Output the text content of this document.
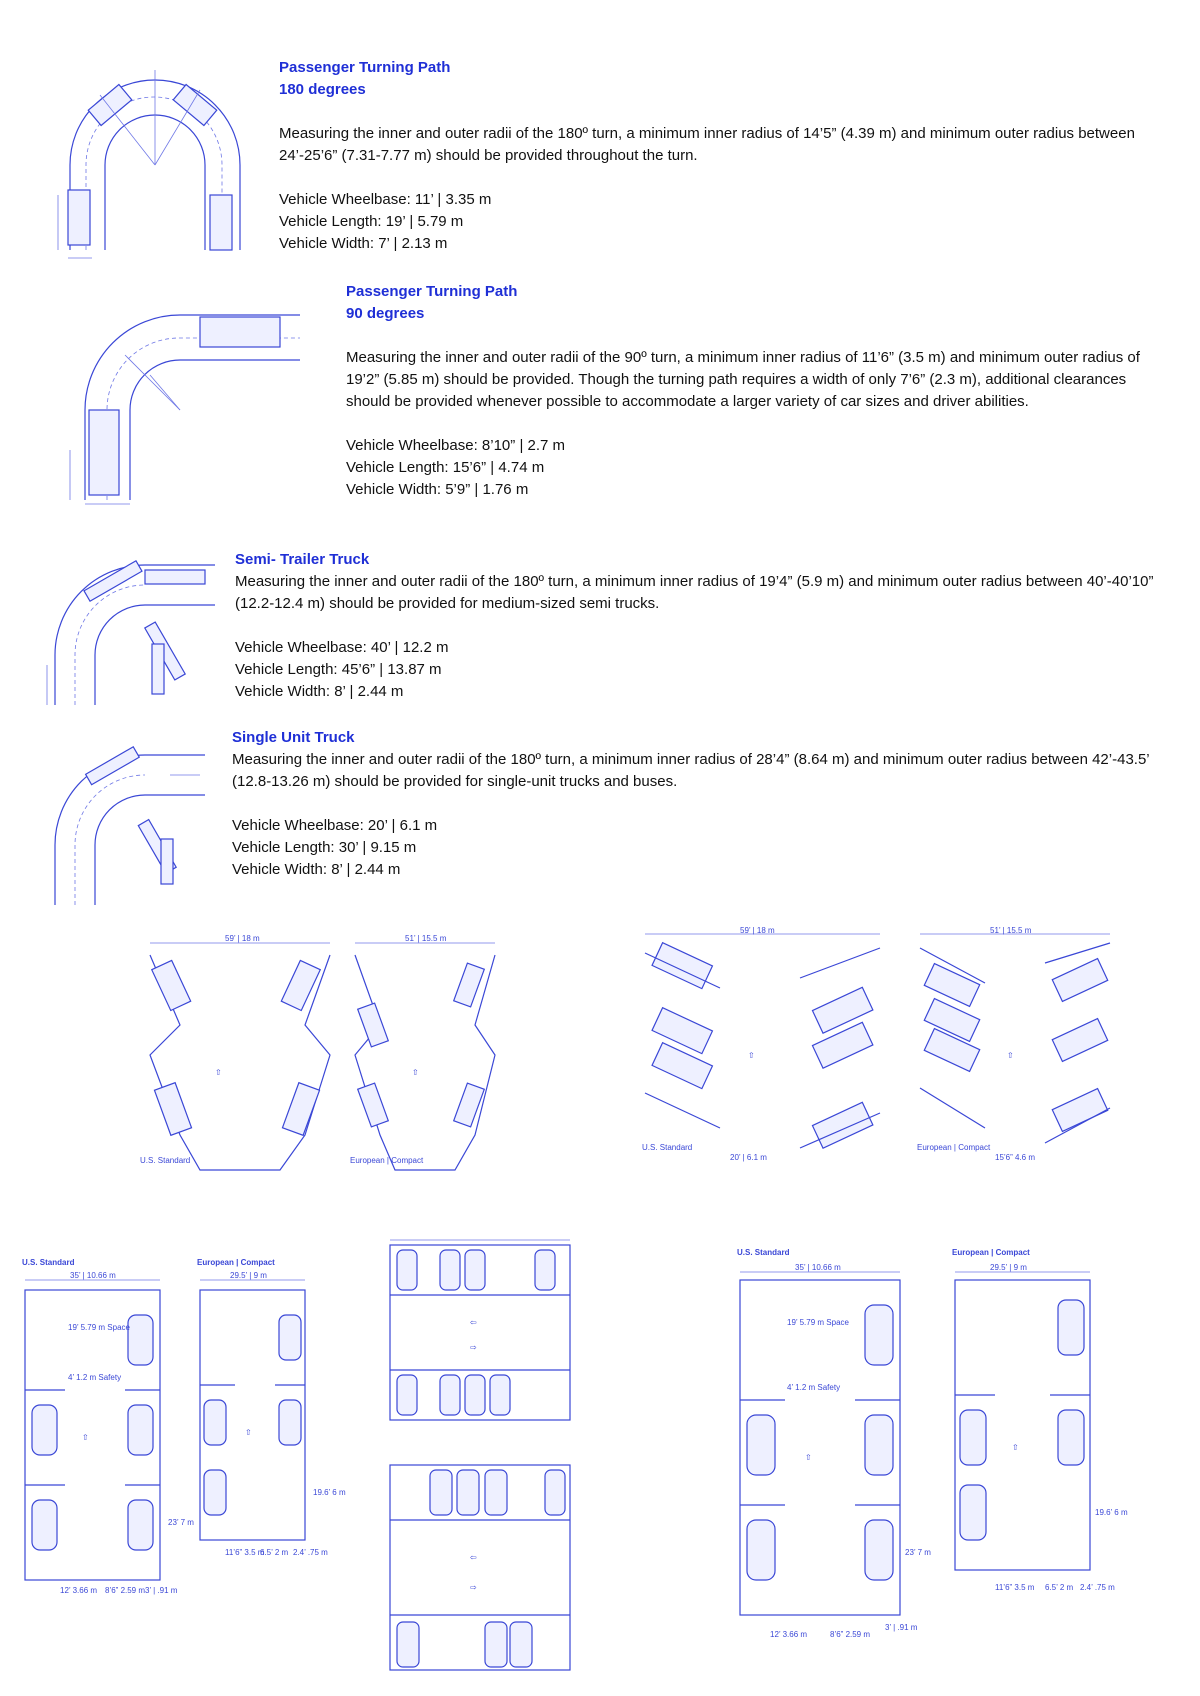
Passenger Turning Path
180 degrees
Measuring the inner and outer radii of the 180º turn, a minimum inner radius of 14’5” (4.39 m) and minimum outer radius between 24’-25’6” (7.31-7.77 m) should be provided throughout the turn.
Vehicle Wheelbase: 11’ | 3.35 m
Vehicle Length: 19’ | 5.79 m
Vehicle Width: 7’ | 2.13 m
Passenger Turning Path
90 degrees
Measuring the inner and outer radii of the 90º turn, a minimum inner radius of 11’6” (3.5 m) and minimum outer radius of 19’2” (5.85 m) should be provided. Though the turning path requires a width of only 7’6” (2.3 m), additional clearances should be provided whenever possible to accommodate a larger variety of car sizes and driver abilities.
Vehicle Wheelbase: 8’10” | 2.7 m
Vehicle Length: 15’6” | 4.74 m
Vehicle Width: 5’9” | 1.76 m
Semi- Trailer Truck
Measuring the inner and outer radii of the 180º turn, a minimum inner radius of 19’4” (5.9 m) and minimum outer radius between 40’-40’10” (12.2-12.4 m) should be provided for medium-sized semi trucks.
Vehicle Wheelbase: 40’ | 12.2 m
Vehicle Length: 45’6” | 13.87 m
Vehicle Width: 8’ | 2.44 m
Single Unit Truck
Measuring the inner and outer radii of the 180º turn, a minimum inner radius of 28’4” (8.64 m) and minimum outer radius between 42’-43.5’ (12.8-13.26 m) should be provided for single-unit trucks and buses.
Vehicle Wheelbase: 20’ | 6.1 m
Vehicle Length: 30’ | 9.15 m
Vehicle Width: 8’ | 2.44 m
59’ | 18 m
⇧
U.S. Standard
51’ | 15.5 m
⇧
European | Compact
59’ | 18 m
⇧
20’ | 6.1 m
U.S. Standard
51’ | 15.5 m
⇧
15’6” 4.6 m
European | Compact
U.S. Standard
35’ | 10.66 m
⇧
19’ 5.79 m Space
4’ 1.2 m Safety
23’ 7 m
12’ 3.66 m 8’6” 2.59 m 3’ | .91 m
European | Compact
29.5’ | 9 m
⇧
19.6’ 6 m
11’6” 3.5 m
6.5’ 2 m 2.4’ .75 m
⇦
⇨
⇦
⇨
U.S. Standard
35’ | 10.66 m
⇧
19’ 5.79 m Space
4’ 1.2 m Safety
23’ 7 m
12’ 3.66 m	8’6” 2.59 m
3’ | .91 m
European | Compact
29.5’ | 9 m
⇧
19.6’ 6 m
11’6” 3.5 m 6.5’ 2 m 2.4’ .75 m
